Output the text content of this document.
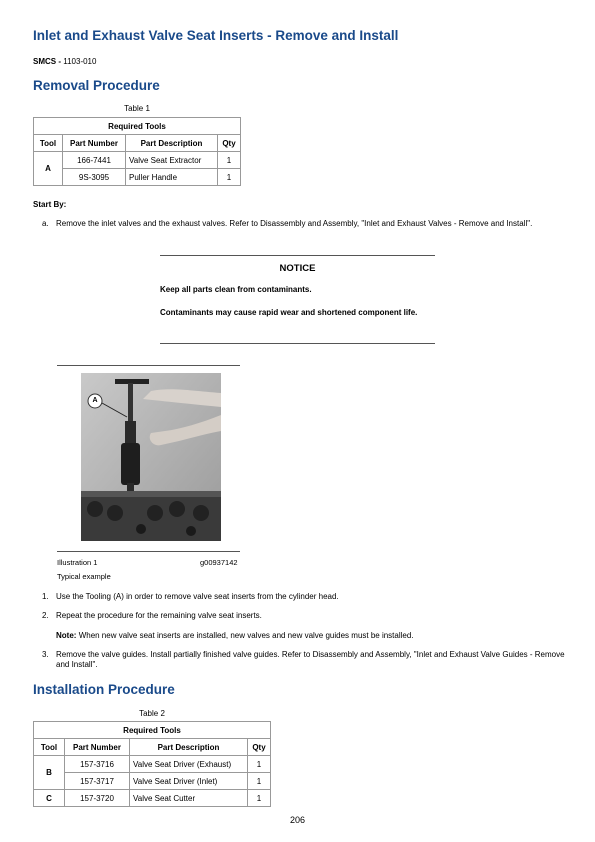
Inlet and Exhaust Valve Seat Inserts - Remove and Install
SMCS - 1103-010
Removal Procedure
Table 1
Required Tools			
Tool	Part Number	Part Description	Qty
A	166-7441	Valve Seat Extractor	1
	9S-3095	Puller Handle	1
Start By:
a. Remove the inlet valves and the exhaust valves. Refer to Disassembly and Assembly, "Inlet and Exhaust Valves - Remove and Install".
NOTICE
Keep all parts clean from contaminants.
Contaminants may cause rapid wear and shortened component life.
A
Illustration 1	g00937142
Typical example
1. Use the Tooling (A) in order to remove valve seat inserts from the cylinder head.
2. Repeat the procedure for the remaining valve seat inserts.
Note: When new valve seat inserts are installed, new valves and new valve guides must be installed.
3. Remove the valve guides. Install partially finished valve guides. Refer to Disassembly and Assembly, "Inlet and Exhaust Valve Guides - Remove and Install".
Installation Procedure
Table 2
Required Tools			
Tool	Part Number	Part Description	Qty
B	157-3716	Valve Seat Driver (Exhaust)	1
	157-3717	Valve Seat Driver (Inlet)	1
C	157-3720	Valve Seat Cutter	1
206
